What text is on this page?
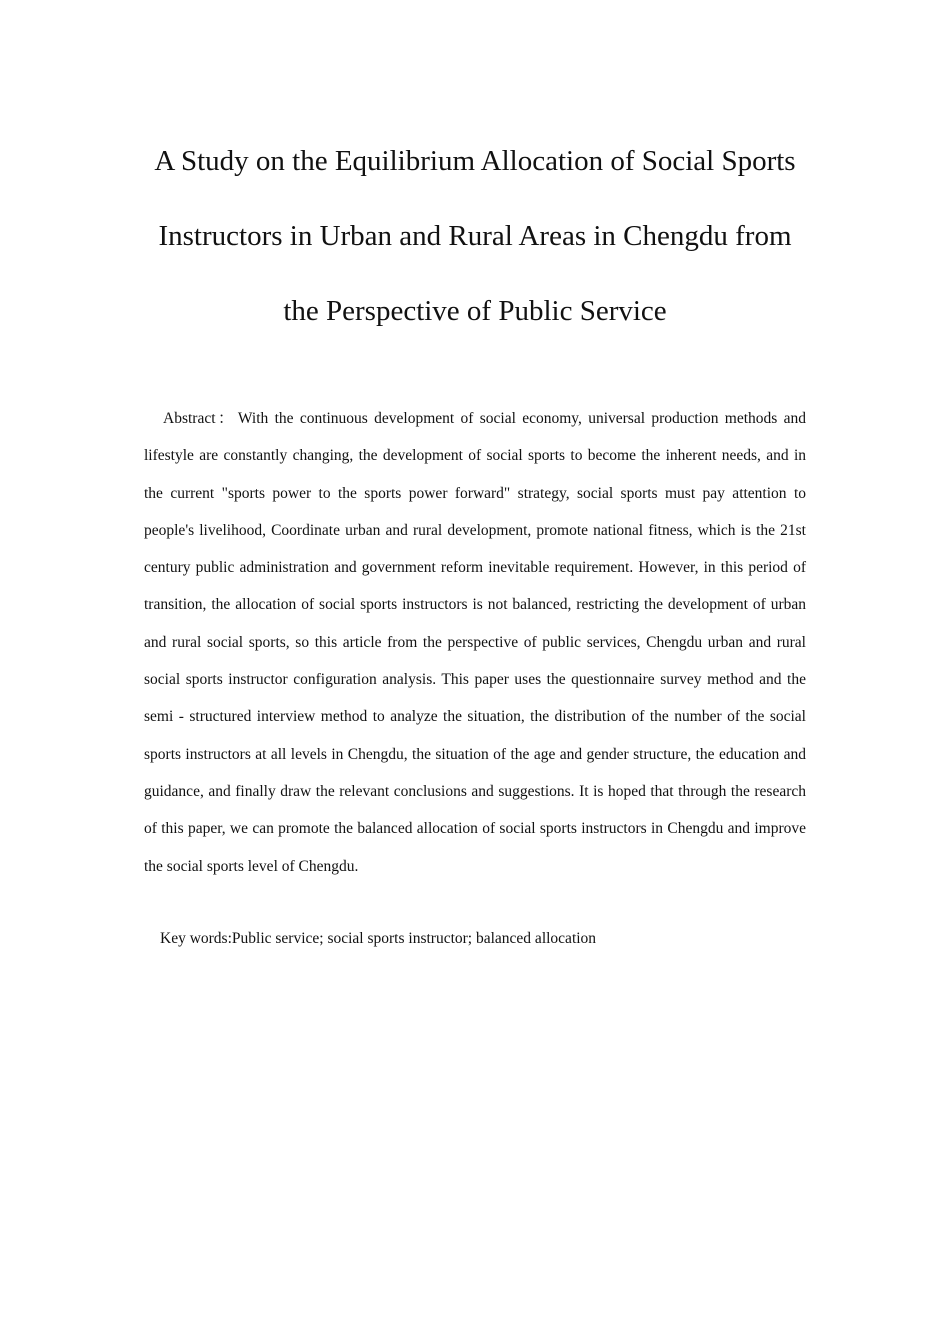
A Study on the Equilibrium Allocation of Social Sports
Instructors in Urban and Rural Areas in Chengdu from
the Perspective of Public Service

Abstract： With the continuous development of social economy, universal production methods and lifestyle are constantly changing, the development of social sports to become the inherent needs, and in the current "sports power to the sports power forward" strategy, social sports must pay attention to people's livelihood, Coordinate urban and rural development, promote national fitness, which is the 21st century public administration and government reform inevitable requirement. However, in this period of transition, the allocation of social sports instructors is not balanced, restricting the development of urban and rural social sports, so this article from the perspective of public services, Chengdu urban and rural social sports instructor configuration analysis. This paper uses the questionnaire survey method and the semi - structured interview method to analyze the situation, the distribution of the number of the social sports instructors at all levels in Chengdu, the situation of the age and gender structure, the education and guidance, and finally draw the relevant conclusions and suggestions. It is hoped that through the research of this paper, we can promote the balanced allocation of social sports instructors in Chengdu and improve the social sports level of Chengdu.

Key words:Public service; social sports instructor; balanced allocation
